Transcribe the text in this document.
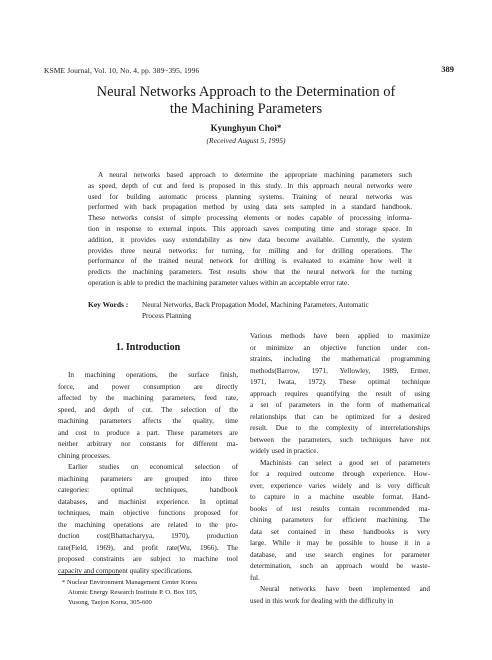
KSME Journal, Vol. 10, No. 4, pp. 389~395, 1996	389
Neural Networks Approach to the Determination of
the Machining Parameters
Kyunghyun Choi*
(Received August 5, 1995)
A neural networks based approach to determine the appropriate machining parameters such
as speed, depth of cut and feed is proposed in this study. In this approach neural networks were
used for building automatic process planning systems. Training of neural networks was
performed with back propagation method by using data sets sampled in a standard handbook.
These networks consist of simple processing elements or nodes capable of processing informa-
tion in response to external inputs. This approach saves computing time and storage space. In
addition, it provides easy extendability as new data become available. Currently, the system
provides three neural networks: for turning, for milling and for drilling operations. The
performance of the trained neural network for drilling is evaluated to examine how well it
predicts the machining parameters. Test results show that the neural network for the turning
operation is able to predict the machining parameter values within an acceptable error rate.
Key Words : Neural Networks, Back Propagation Model, Machining Parameters, Automatic
Process Planning
1. Introduction
In machining operations, the surface finish,
force, and power consumption are directly
affected by the machining parameters, feed rate,
speed, and depth of cut. The selection of the
machining parameters affects the quality, time
and cost to produce a part. These parameters are
neither arbitrary nor constants for different ma-
chining processes.
Earlier studies on economical selection of
machining parameters are grouped into three
categories: optimal techniques, handbook
databases, and machinist experience. In optimal
techniques, main objective functions proposed for
the machining operations are related to the pro-
duction cost(Bhattacharyya, 1970), production
rate(Field, 1969), and profit rate(Wu, 1966). The
proposed constraints are subject to machine tool
capacity and component quality specifications.
* Nuclear Environment Management Center Korea
Atomic Energy Research Institute P. O. Box 105,
Yusong, Taejon Korea, 305-600
Various methods have been applied to maximize
or minimize an objective function under con-
straints, including the mathematical programming
methods(Barrow, 1971, Yellowley, 1989, Ermer,
1971, Iwata, 1972). These optimal technique
approach requires quantifying the result of using
a set of parameters in the form of mathematical
relationships that can be optimized for a desired
result. Due to the complexity of interrelationships
between the parameters, such techniques have not
widely used in practice.
Machinists can select a good set of parameters
for a required outcome through experience. How-
ever, experience varies widely and is very difficult
to capture in a machine useable format. Hand-
books of test results contain recommended ma-
chining parameters for efficient machining. The
data set contained in these handbooks is very
large. While it may be possible to house it in a
database, and use search engines for parameter
determination, such an approach would be waste-
ful.
Neural networks have been implemented and
used in this work for dealing with the difficulty in
